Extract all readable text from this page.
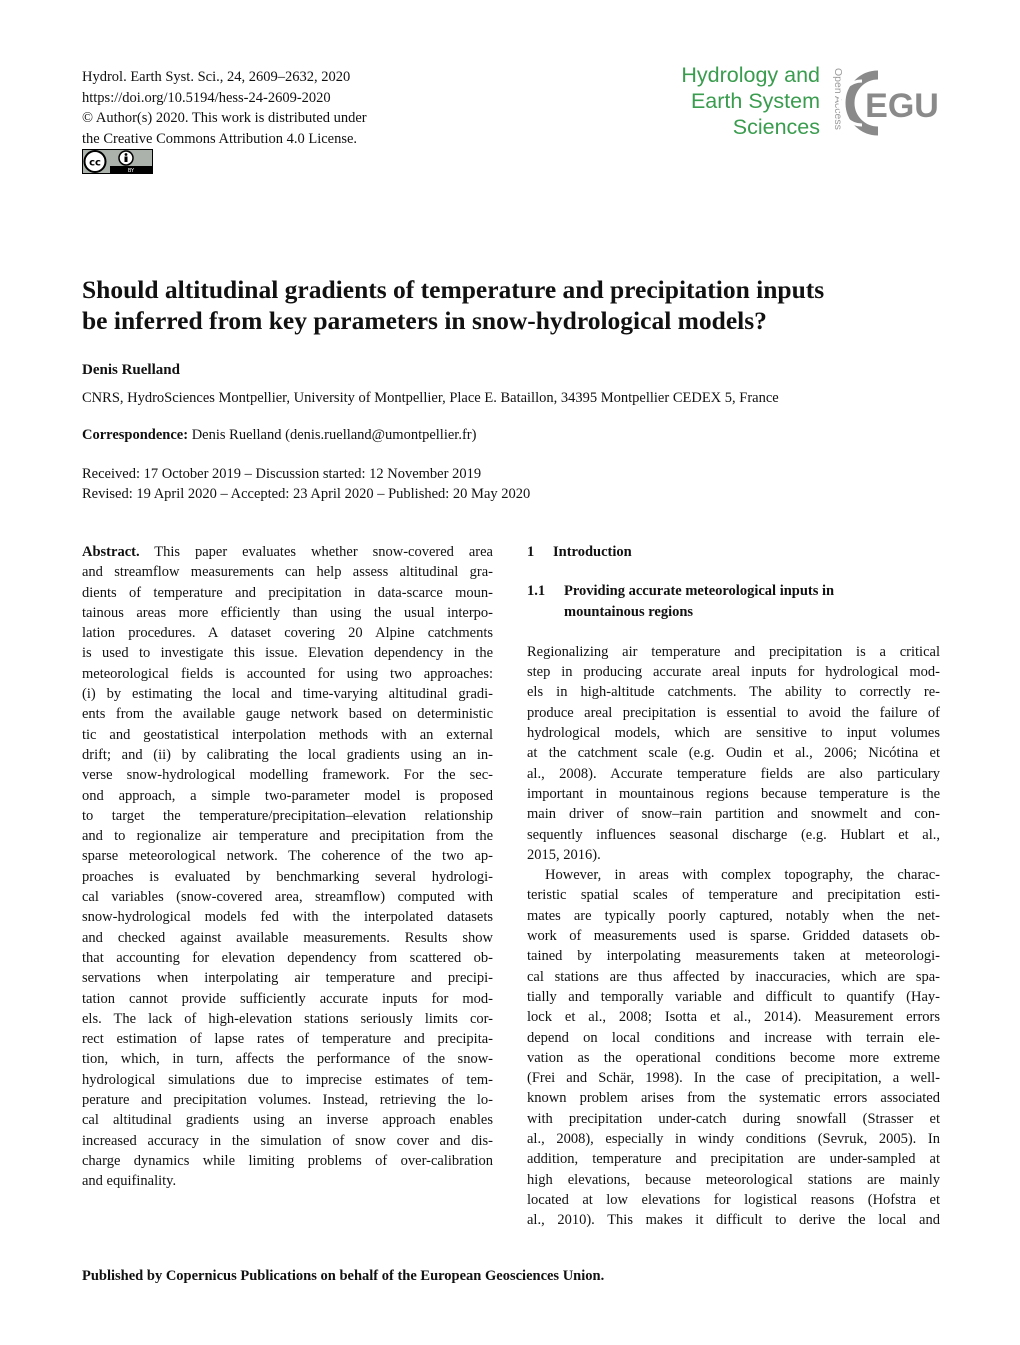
Hydrol. Earth Syst. Sci., 24, 2609–2632, 2020
https://doi.org/10.5194/hess-24-2609-2020
© Author(s) 2020. This work is distributed under
the Creative Commons Attribution 4.0 License.
cc
BY
Hydrology and
Earth System
Sciences Open Access EGU
Should altitudinal gradients of temperature and precipitation inputs
be inferred from key parameters in snow-hydrological models?
Denis Ruelland
CNRS, HydroSciences Montpellier, University of Montpellier, Place E. Bataillon, 34395 Montpellier CEDEX 5, France
Correspondence: Denis Ruelland (denis.ruelland@umontpellier.fr)
Received: 17 October 2019 – Discussion started: 12 November 2019
Revised: 19 April 2020 – Accepted: 23 April 2020 – Published: 20 May 2020
Abstract. This paper evaluates whether snow-covered area
and streamflow measurements can help assess altitudinal gra-
dients of temperature and precipitation in data-scarce moun-
tainous areas more efficiently than using the usual interpo-
lation procedures. A dataset covering 20 Alpine catchments
is used to investigate this issue. Elevation dependency in the
meteorological fields is accounted for using two approaches:
(i) by estimating the local and time-varying altitudinal gradi-
ents from the available gauge network based on deterministic
tic and geostatistical interpolation methods with an external
drift; and (ii) by calibrating the local gradients using an in-
verse snow-hydrological modelling framework. For the sec-
ond approach, a simple two-parameter model is proposed
to target the temperature/precipitation–elevation relationship
and to regionalize air temperature and precipitation from the
sparse meteorological network. The coherence of the two ap-
proaches is evaluated by benchmarking several hydrologi-
cal variables (snow-covered area, streamflow) computed with
snow-hydrological models fed with the interpolated datasets
and checked against available measurements. Results show
that accounting for elevation dependency from scattered ob-
servations when interpolating air temperature and precipi-
tation cannot provide sufficiently accurate inputs for mod-
els. The lack of high-elevation stations seriously limits cor-
rect estimation of lapse rates of temperature and precipita-
tion, which, in turn, affects the performance of the snow-
hydrological simulations due to imprecise estimates of tem-
perature and precipitation volumes. Instead, retrieving the lo-
cal altitudinal gradients using an inverse approach enables
increased accuracy in the simulation of snow cover and dis-
charge dynamics while limiting problems of over-calibration
and equifinality.
1 Introduction
1.1 Providing accurate meteorological inputs in
mountainous regions
Regionalizing air temperature and precipitation is a critical
step in producing accurate areal inputs for hydrological mod-
els in high-altitude catchments. The ability to correctly re-
produce areal precipitation is essential to avoid the failure of
hydrological models, which are sensitive to input volumes
at the catchment scale (e.g. Oudin et al., 2006; Nicótina et
al., 2008). Accurate temperature fields are also particulary
important in mountainous regions because temperature is the
main driver of snow–rain partition and snowmelt and con-
sequently influences seasonal discharge (e.g. Hublart et al.,
2015, 2016).
However, in areas with complex topography, the charac-
teristic spatial scales of temperature and precipitation esti-
mates are typically poorly captured, notably when the net-
work of measurements used is sparse. Gridded datasets ob-
tained by interpolating measurements taken at meteorologi-
cal stations are thus affected by inaccuracies, which are spa-
tially and temporally variable and difficult to quantify (Hay-
lock et al., 2008; Isotta et al., 2014). Measurement errors
depend on local conditions and increase with terrain ele-
vation as the operational conditions become more extreme
(Frei and Schär, 1998). In the case of precipitation, a well-
known problem arises from the systematic errors associated
with precipitation under-catch during snowfall (Strasser et
al., 2008), especially in windy conditions (Sevruk, 2005). In
addition, temperature and precipitation are under-sampled at
high elevations, because meteorological stations are mainly
located at low elevations for logistical reasons (Hofstra et
al., 2010). This makes it difficult to derive the local and
Published by Copernicus Publications on behalf of the European Geosciences Union.
